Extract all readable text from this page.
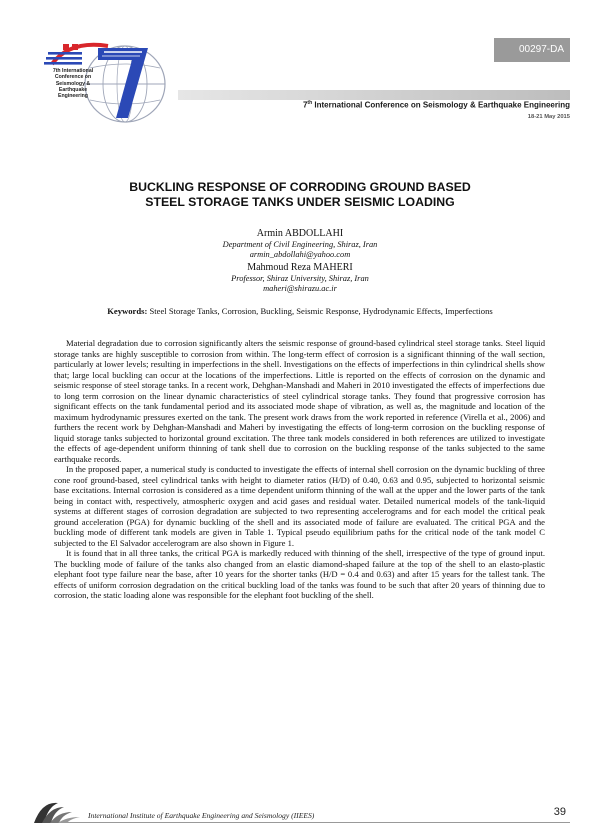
7th International
Conference on
Seismology &
Earthquake
Engineering
00297-DA
7th International Conference on Seismology & Earthquake Engineering
18-21 May 2015
BUCKLING RESPONSE OF CORRODING GROUND BASED
STEEL STORAGE TANKS UNDER SEISMIC LOADING
Armin ABDOLLAHI
Department of Civil Engineering, Shiraz, Iran
armin_abdollahi@yahoo.com
Mahmoud Reza MAHERI
Professor, Shiraz University, Shiraz, Iran
maheri@shirazu.ac.ir
Keywords: Steel Storage Tanks, Corrosion, Buckling, Seismic Response, Hydrodynamic Effects, Imperfections

Material degradation due to corrosion significantly alters the seismic response of ground-based cylindrical steel storage tanks. Steel liquid storage tanks are highly susceptible to corrosion from within. The long-term effect of corrosion is a significant thinning of the wall section, particularly at lower levels; resulting in imperfections in the shell. Investigations on the effects of imperfections in thin cylindrical shells show that; large local buckling can occur at the locations of the imperfections. Little is reported on the effects of corrosion on the dynamic and seismic response of steel storage tanks. In a recent work, Dehghan-Manshadi and Maheri in 2010 investigated the effects of imperfections due to long term corrosion on the linear dynamic characteristics of steel cylindrical storage tanks. They found that progressive corrosion has significant effects on the tank fundamental period and its associated mode shape of vibration, as well as, the magnitude and location of the maximum hydrodynamic pressures exerted on the tank. The present work draws from the work reported in reference (Virella et al., 2006) and furthers the recent work by Dehghan-Manshadi and Maheri by investigating the effects of long-term corrosion on the buckling response of liquid storage tanks subjected to horizontal ground excitation. The three tank models considered in both references are utilized to investigate the effects of age-dependent uniform thinning of tank shell due to corrosion on the buckling response of the tanks subjected to the same earthquake records.

In the proposed paper, a numerical study is conducted to investigate the effects of internal shell corrosion on the dynamic buckling of three cone roof ground-based, steel cylindrical tanks with height to diameter ratios (H/D) of 0.40, 0.63 and 0.95, subjected to horizontal seismic base excitations. Internal corrosion is considered as a time dependent uniform thinning of the wall at the upper and the lower parts of the tank being in contact with, respectively, atmospheric oxygen and acid gases and residual water. Detailed numerical models of the tank-liquid systems at different stages of corrosion degradation are subjected to two representing accelerograms and for each model the critical peak ground acceleration (PGA) for dynamic buckling of the shell and its associated mode of failure are evaluated. The critical PGA and the buckling mode of different tank models are given in Table 1. Typical pseudo equilibrium paths for the critical node of the tank model C subjected to the El Salvador accelerogram are also shown in Figure 1.

It is found that in all three tanks, the critical PGA is markedly reduced with thinning of the shell, irrespective of the type of ground input. The buckling mode of failure of the tanks also changed from an elastic diamond-shaped failure at the top of the shell to an elasto-plastic elephant foot type failure near the base, after 10 years for the shorter tanks (H/D = 0.4 and 0.63) and after 15 years for the tallest tank. The effects of uniform corrosion degradation on the critical buckling load of the tanks was found to be such that after 20 years of thinning due to corrosion, the static loading alone was responsible for the elephant foot buckling of the shell.

International Institute of Earthquake Engineering and Seismology (IIEES)	39
